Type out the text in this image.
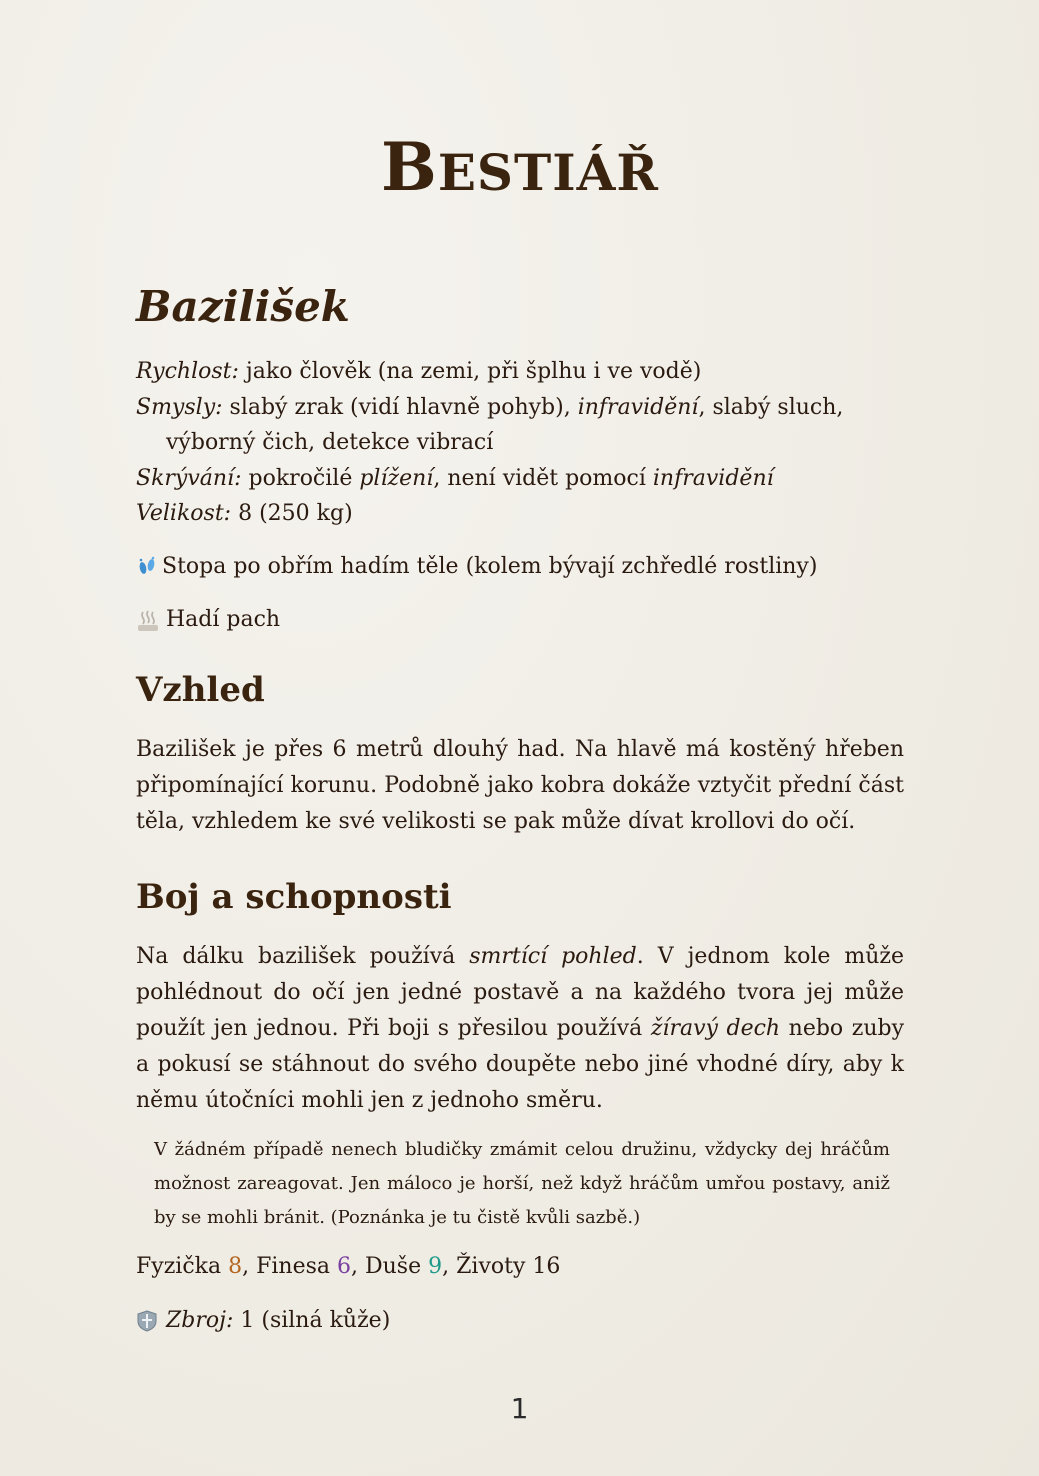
BESTIÁŘ
Bazilišek
Rychlost: jako člověk (na zemi, při šplhu i ve vodě)
Smysly: slabý zrak (vidí hlavně pohyb), infravidění, slabý sluch, výborný čich, detekce vibrací
Skrývání: pokročilé plížení, není vidět pomocí infravidění
Velikost: 8 (250 kg)
Stopa po obřím hadím těle (kolem bývají zchředlé rostliny)
Hadí pach
Vzhled

Bazilišek je přes 6 metrů dlouhý had. Na hlavě má kostěný hřeben připomínající korunu. Podobně jako kobra dokáže vztyčit přední část těla, vzhledem ke své velikosti se pak může dívat krollovi do očí.

Boj a schopnosti

Na dálku bazilišek používá smrtící pohled. V jednom kole může pohlédnout do očí jen jedné postavě a na každého tvora jej může použít jen jednou. Při boji s přesilou používá žíravý dech nebo zuby a pokusí se stáhnout do svého doupěte nebo jiné vhodné díry, aby k němu útočníci mohli jen z jednoho směru.

V žádném případě nenech bludičky zmámit celou družinu, vždycky dej hráčům možnost zareagovat. Jen máloco je horší, než když hráčům umřou postavy, aniž by se mohli bránit. (Poznánka je tu čistě kvůli sazbě.)

Fyzička 8, Finesa 6, Duše 9, Životy 16
Zbroj:
1 (silná kůže)
1
